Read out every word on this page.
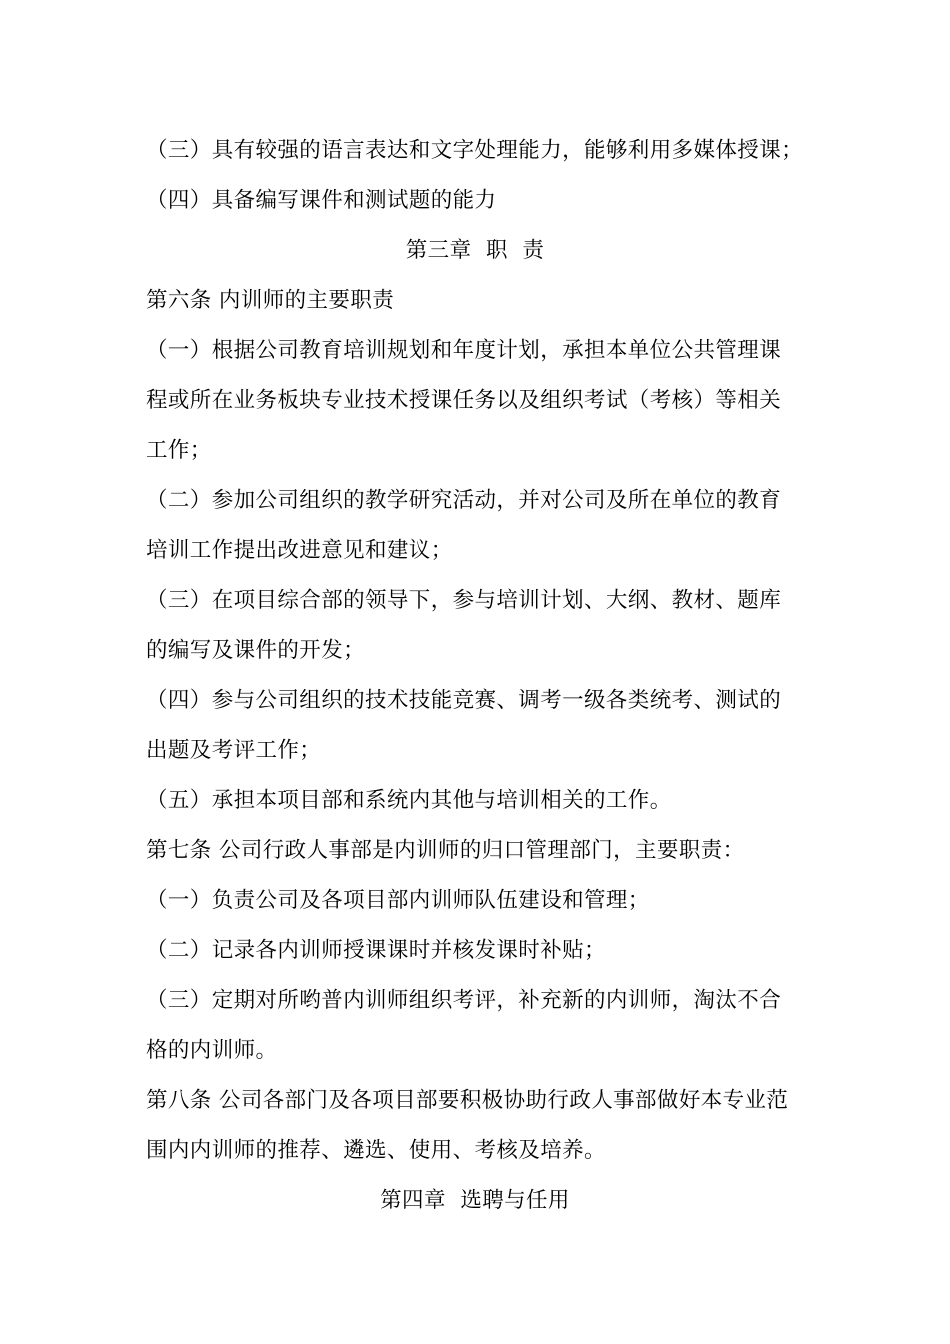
（三）具有较强的语言表达和文字处理能力，能够利用多媒体授课；
（四）具备编写课件和测试题的能力
第三章  职  责
第六条 内训师的主要职责
（一）根据公司教育培训规划和年度计划，承担本单位公共管理课
程或所在业务板块专业技术授课任务以及组织考试（考核）等相关
工作；
（二）参加公司组织的教学研究活动，并对公司及所在单位的教育
培训工作提出改进意见和建议；
（三）在项目综合部的领导下，参与培训计划、大纲、教材、题库
的编写及课件的开发；
（四）参与公司组织的技术技能竞赛、调考一级各类统考、测试的
出题及考评工作；
（五）承担本项目部和系统内其他与培训相关的工作。
第七条 公司行政人事部是内训师的归口管理部门，主要职责：
（一）负责公司及各项目部内训师队伍建设和管理；
（二）记录各内训师授课课时并核发课时补贴；
（三）定期对所哟普内训师组织考评，补充新的内训师，淘汰不合
格的内训师。
第八条 公司各部门及各项目部要积极协助行政人事部做好本专业范
围内内训师的推荐、遴选、使用、考核及培养。
第四章  选聘与任用
